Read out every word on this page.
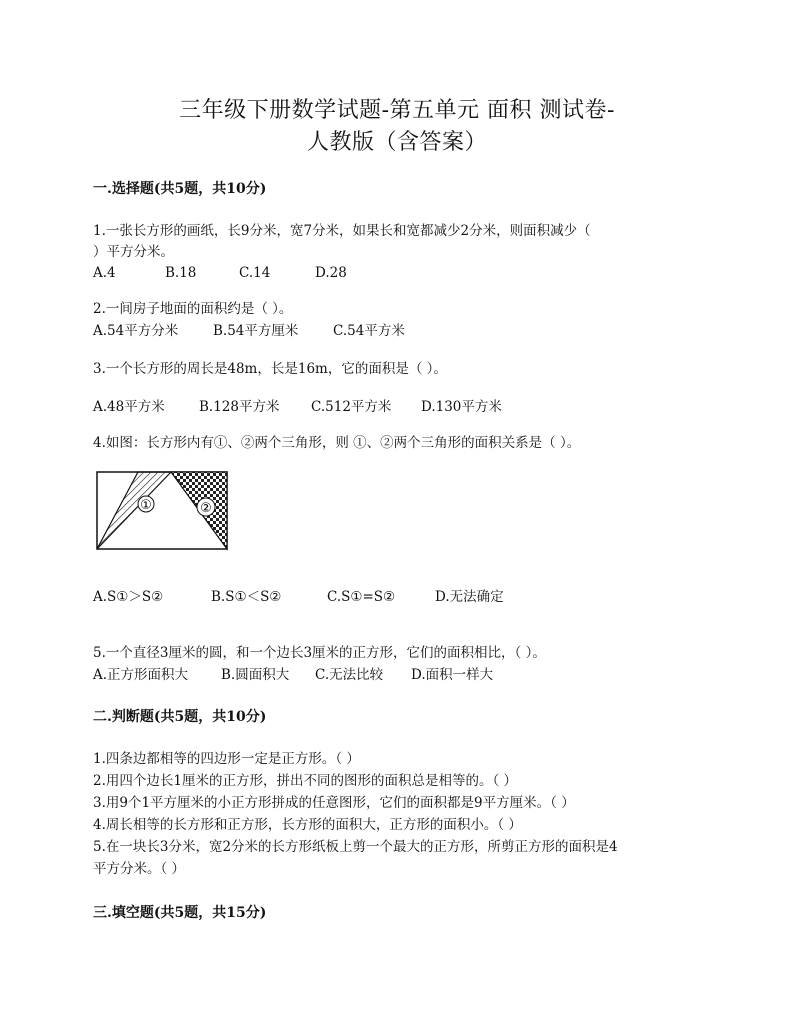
三年级下册数学试题-第五单元 面积 测试卷-
人教版（含答案）
一.选择题(共5题，共10分)
1.一张长方形的画纸，长9分米，宽7分米，如果长和宽都减少2分米，则面积减少（
）平方分米。
A.4	B.18	C.14	D.28
2.一间房子地面的面积约是（ ）。
A.54平方分米	B.54平方厘米	C.54平方米
3.一个长方形的周长是48m，长是16m，它的面积是（ ）。
A.48平方米	B.128平方米 C.512平方米 D.130平方米
4.如图：长方形内有①、②两个三角形，则 ①、②两个三角形的面积关系是（ ）。
①	②
A.S①＞S②	B.S①＜S②	C.S①=S②	D.无法确定
5.一个直径3厘米的圆，和一个边长3厘米的正方形，它们的面积相比，（ ）。
A.正方形面积大 B.圆面积大 C.无法比较 D.面积一样大
二.判断题(共5题，共10分)
1.四条边都相等的四边形一定是正方形。（ ）
2.用四个边长1厘米的正方形，拼出不同的图形的面积总是相等的。（ ）
3.用9个1平方厘米的小正方形拼成的任意图形，它们的面积都是9平方厘米。（ ）
4.周长相等的长方形和正方形，长方形的面积大，正方形的面积小。（ ）
5.在一块长3分米，宽2分米的长方形纸板上剪一个最大的正方形，所剪正方形的面积是4
平方分米。（ ）
三.填空题(共5题，共15分)
